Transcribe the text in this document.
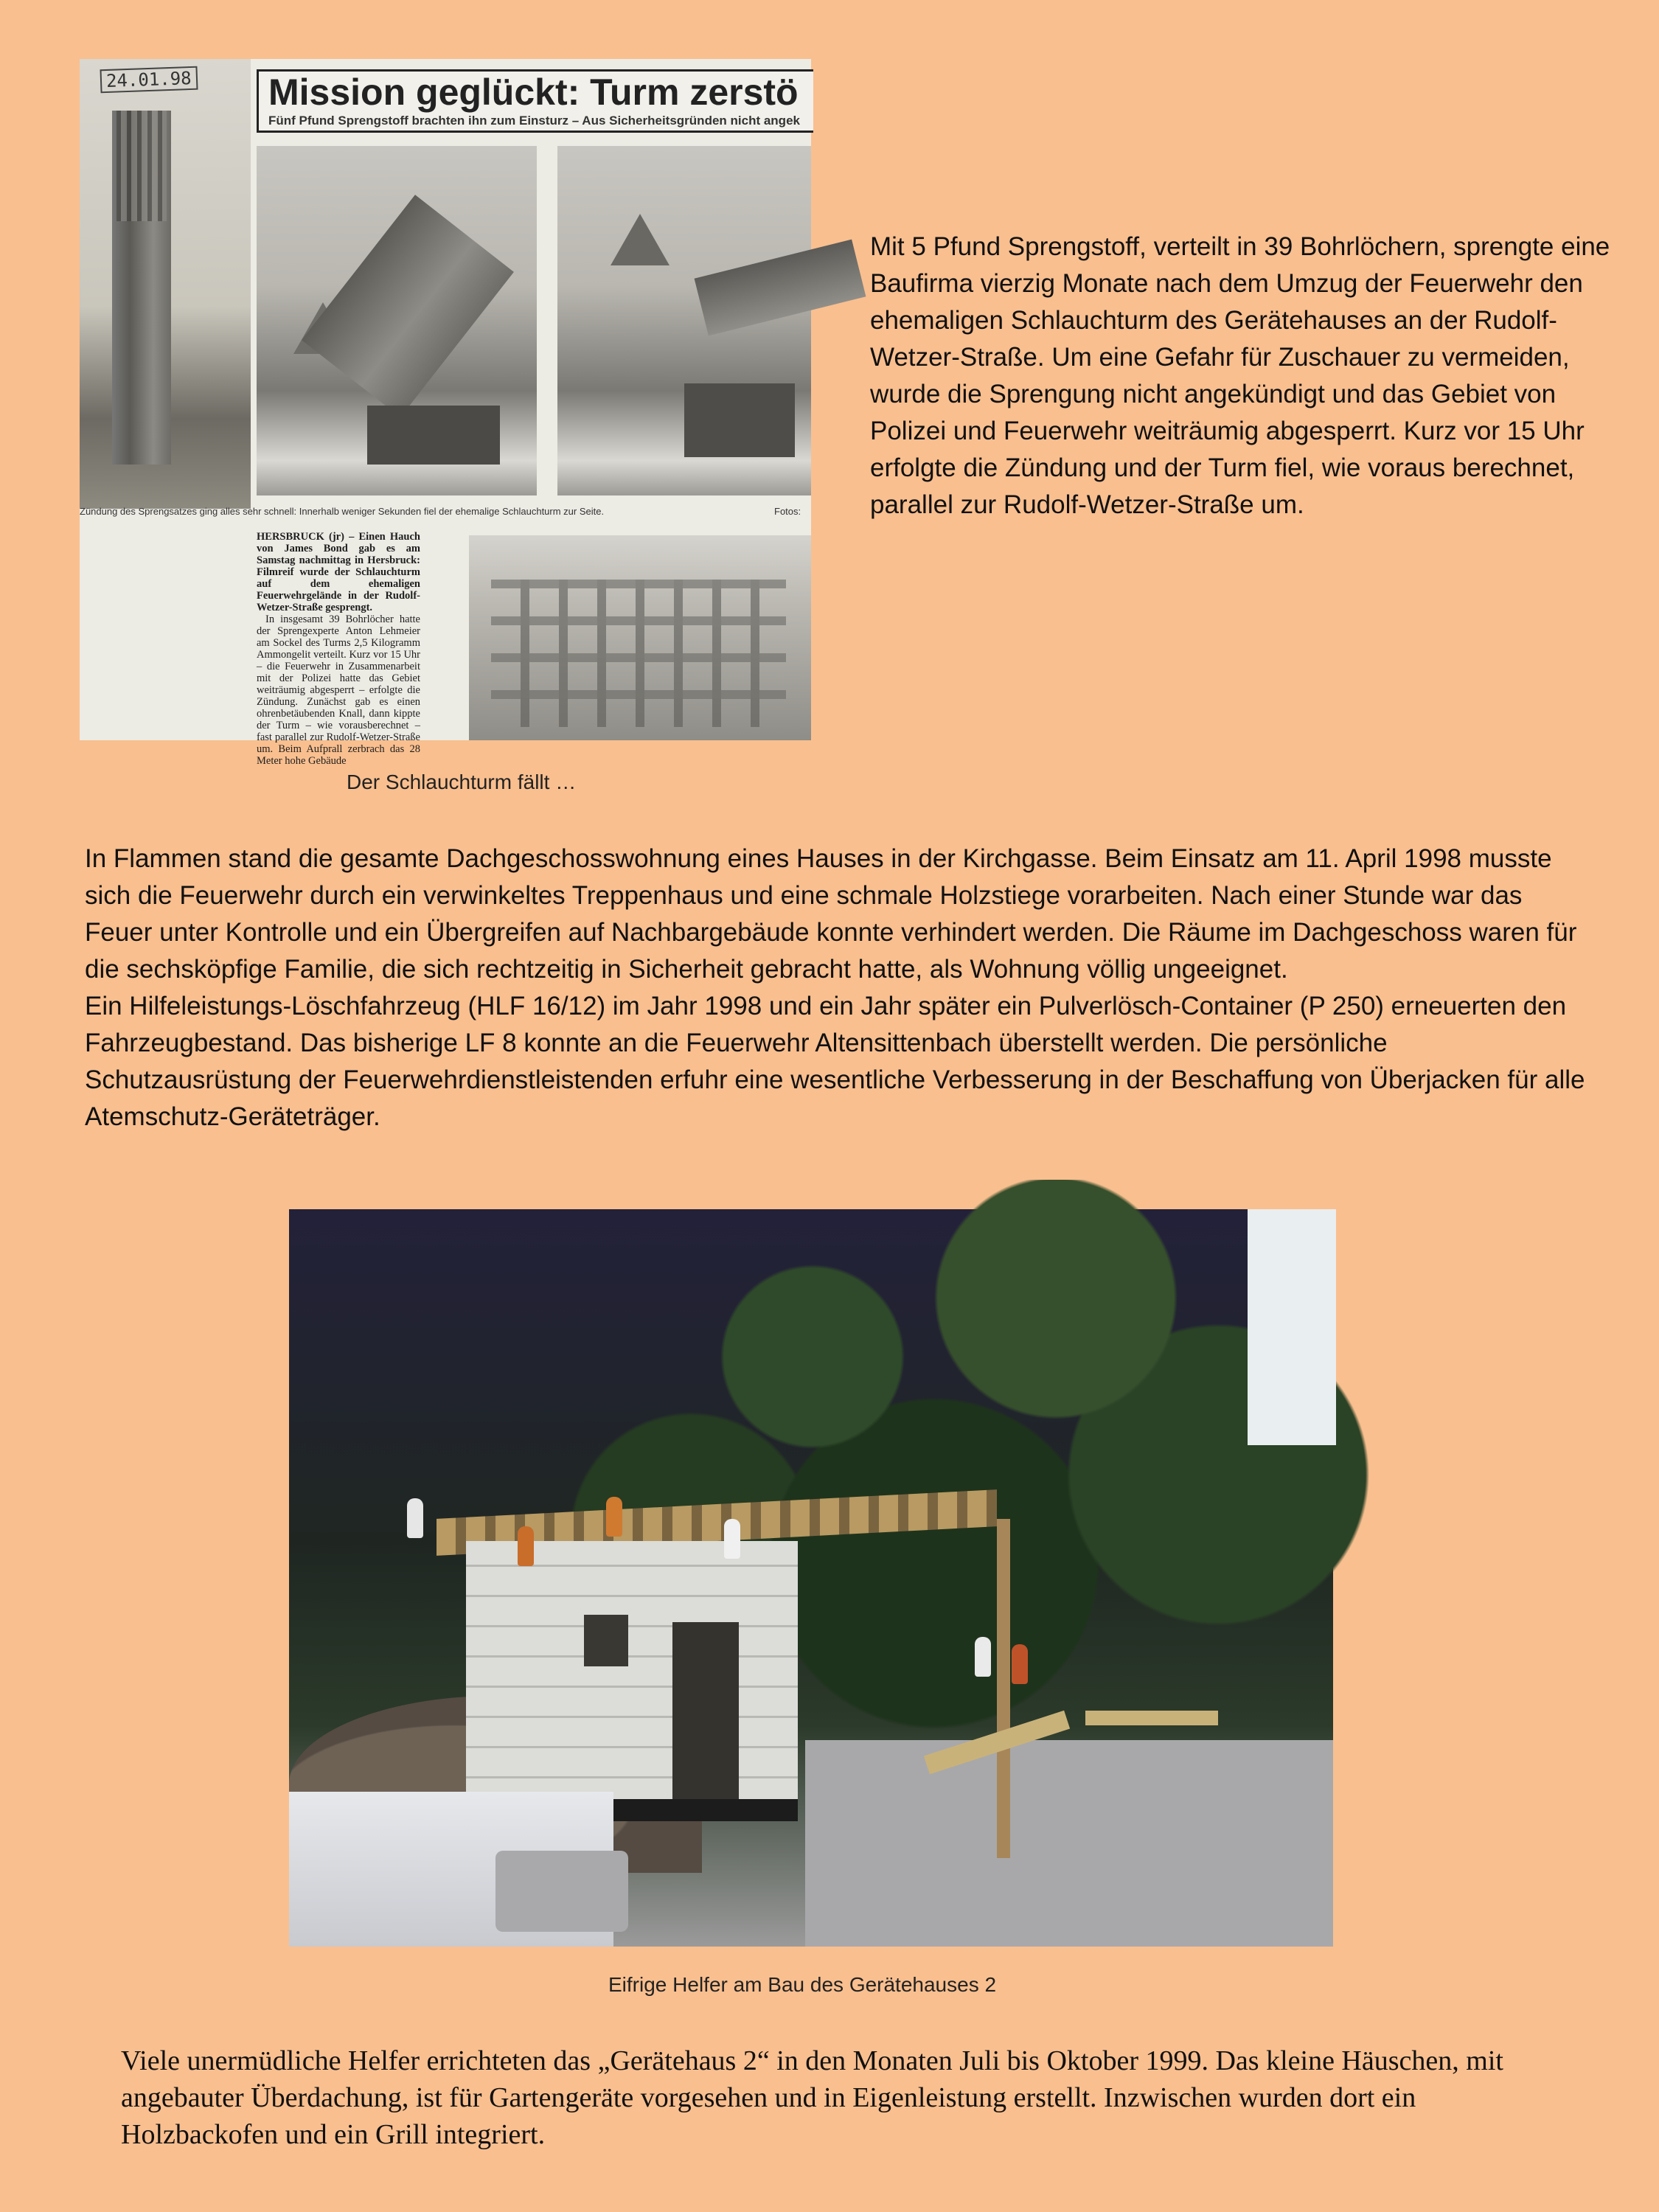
24.01.98 Mission geglückt: Turm zerstö
Fünf Pfund Sprengstoff brachten ihn zum Einsturz – Aus Sicherheitsgründen nicht angek
Zündung des Sprengsatzes ging alles sehr schnell: Innerhalb weniger Sekunden fiel der ehemalige Schlauchturm zur Seite.	Fotos:

HERSBRUCK (jr) – Einen Hauch von James Bond gab es am Samstag nachmittag in Hersbruck: Filmreif wurde der Schlauchturm auf dem ehemaligen Feuerwehrgelände in der Rudolf-Wetzer-Straße gesprengt.

In insgesamt 39 Bohrlöcher hatte der Sprengexperte Anton Lehmeier am Sockel des Turms 2,5 Kilogramm Ammongelit verteilt. Kurz vor 15 Uhr – die Feuerwehr in Zusammenarbeit mit der Polizei hatte das Gebiet weiträumig abgesperrt – erfolgte die Zündung. Zunächst gab es einen ohrenbetäubenden Knall, dann kippte der Turm – wie vorausberechnet – fast parallel zur Rudolf-Wetzer-Straße um. Beim Aufprall zerbrach das 28 Meter hohe Gebäude

Der Schlauchturm fällt …
Mit 5 Pfund Sprengstoff, verteilt in 39 Bohrlöchern, sprengte eine Baufirma vierzig Monate nach dem Umzug der Feuerwehr den ehemaligen Schlauchturm des Gerätehauses an der Rudolf-Wetzer-Straße. Um eine Gefahr für Zuschauer zu vermeiden, wurde die Sprengung nicht angekündigt und das Gebiet von Polizei und Feuerwehr weiträumig abgesperrt. Kurz vor 15 Uhr erfolgte die Zündung und der Turm fiel, wie voraus berechnet, parallel zur Rudolf-Wetzer-Straße um.

In Flammen stand die gesamte Dachgeschosswohnung eines Hauses in der Kirchgasse. Beim Einsatz am 11. April 1998 musste sich die Feuerwehr durch ein verwinkeltes Treppenhaus und eine schmale Holzstiege vorarbeiten. Nach einer Stunde war das Feuer unter Kontrolle und ein Übergreifen auf Nachbargebäude konnte verhindert werden. Die Räume im Dachgeschoss waren für die sechsköpfige Familie, die sich rechtzeitig in Sicherheit gebracht hatte, als Wohnung völlig ungeeignet.

Ein Hilfeleistungs-Löschfahrzeug (HLF 16/12) im Jahr 1998 und ein Jahr später ein Pulverlösch-Container (P 250) erneuerten den Fahrzeugbestand. Das bisherige LF 8 konnte an die Feuerwehr Altensittenbach überstellt werden. Die persönliche Schutzausrüstung der Feuerwehrdienstleistenden erfuhr eine wesentliche Verbesserung in der Beschaffung von Überjacken für alle Atemschutz-Geräteträger.

Eifrige Helfer am Bau des Gerätehauses 2
Viele unermüdliche Helfer errichteten das „Gerätehaus 2“ in den Monaten Juli bis Oktober 1999. Das kleine Häuschen, mit angebauter Überdachung, ist für Gartengeräte vorgesehen und in Eigenleistung erstellt. Inzwischen wurden dort ein Holzbackofen und ein Grill integriert.
